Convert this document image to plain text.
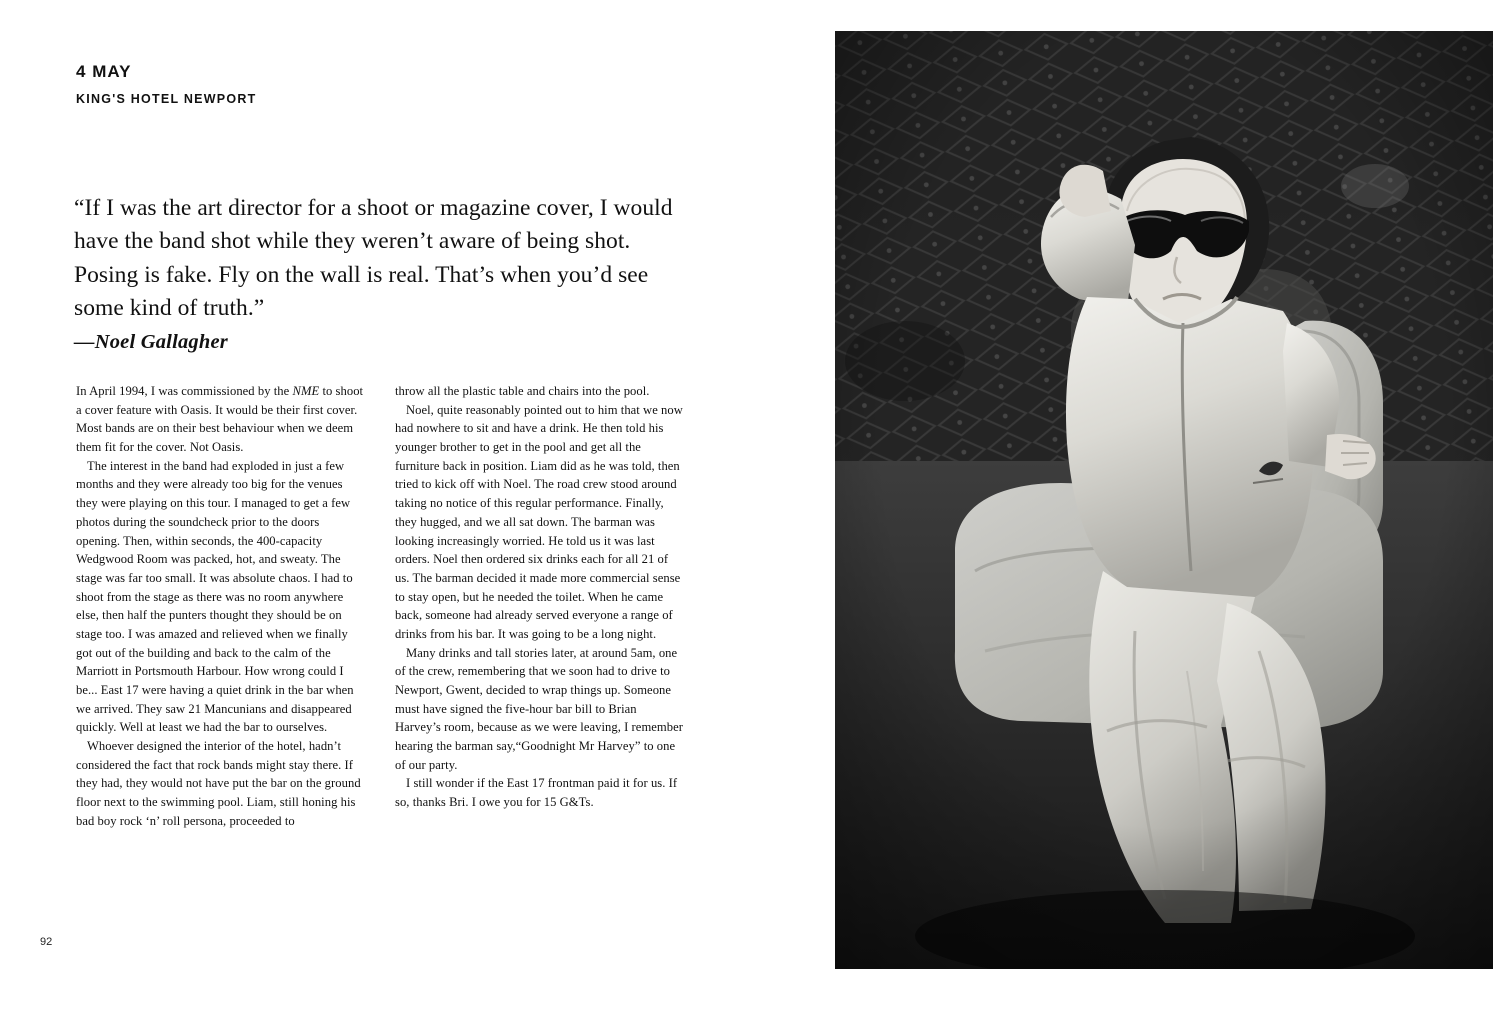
4 MAY

KING'S HOTEL NEWPORT

“If I was the art director for a shoot or magazine cover, I would have the band shot while they weren’t aware of being shot. Posing is fake. Fly on the wall is real. That’s when you’d see some kind of truth.”

—Noel Gallagher

In April 1994, I was commissioned by the NME to shoot a cover feature with Oasis. It would be their first cover. Most bands are on their best behaviour when we deem them fit for the cover. Not Oasis.

The interest in the band had exploded in just a few months and they were already too big for the venues they were playing on this tour. I managed to get a few photos during the soundcheck prior to the doors opening. Then, within seconds, the 400-capacity Wedgwood Room was packed, hot, and sweaty. The stage was far too small. It was absolute chaos. I had to shoot from the stage as there was no room anywhere else, then half the punters thought they should be on stage too. I was amazed and relieved when we finally got out of the building and back to the calm of the Marriott in Portsmouth Harbour. How wrong could I be... East 17 were having a quiet drink in the bar when we arrived. They saw 21 Mancunians and disappeared quickly. Well at least we had the bar to ourselves.

Whoever designed the interior of the hotel, hadn’t considered the fact that rock bands might stay there. If they had, they would not have put the bar on the ground floor next to the swimming pool. Liam, still honing his bad boy rock ‘n’ roll persona, proceeded to

throw all the plastic table and chairs into the pool.

Noel, quite reasonably pointed out to him that we now had nowhere to sit and have a drink. He then told his younger brother to get in the pool and get all the furniture back in position. Liam did as he was told, then tried to kick off with Noel. The road crew stood around taking no notice of this regular performance. Finally, they hugged, and we all sat down. The barman was looking increasingly worried. He told us it was last orders. Noel then ordered six drinks each for all 21 of us. The barman decided it made more commercial sense to stay open, but he needed the toilet. When he came back, someone had already served everyone a range of drinks from his bar. It was going to be a long night.

Many drinks and tall stories later, at around 5am, one of the crew, remembering that we soon had to drive to Newport, Gwent, decided to wrap things up. Someone must have signed the five-hour bar bill to Brian Harvey’s room, because as we were leaving, I remember hearing the barman say,“Goodnight Mr Harvey” to one of our party.

I still wonder if the East 17 frontman paid it for us. If so, thanks Bri. I owe you for 15 G&Ts.

92
